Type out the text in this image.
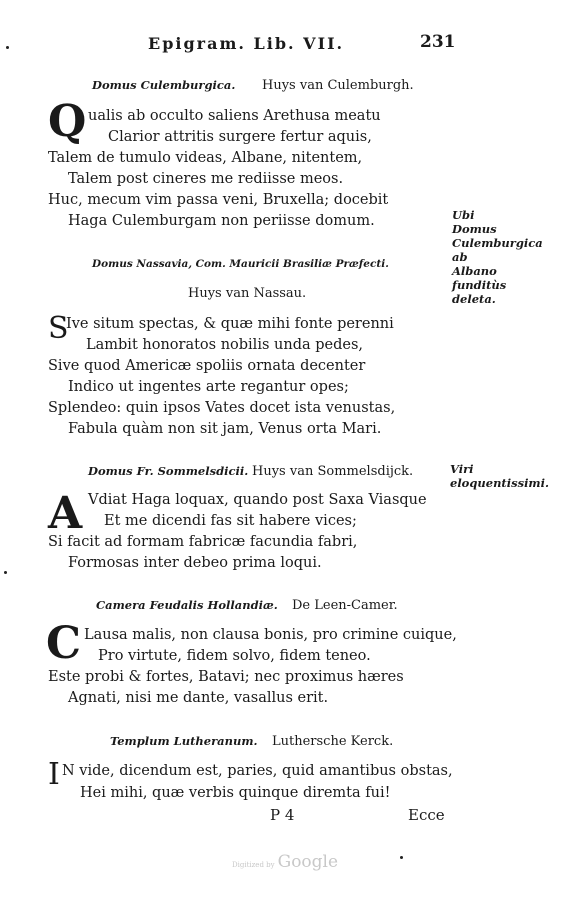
Epigram. Lib. VII.	231
Domus Culemburgica. Huys van Culemburgh.
Q ualis ab occulto saliens Arethusa meatu
Clarior attritis surgere fertur aquis,
Talem de tumulo videas, Albane, nitentem,
Talem post cineres me rediisse meos.
Huc, mecum vim passa veni, Bruxella; docebit
Haga Culemburgam non periisse domum.	Ubi Domus Culemburgica ab Albano funditùs deleta.
Domus Nassavia, Com. Mauricii Brasiliæ Præfecti.
Huys van Nassau.
S
Ive situm spectas, & quæ mihi fonte perenni
Lambit honoratos nobilis unda pedes,
Sive quod Americæ spoliis ornata decenter
Indico ut ingentes arte regantur opes;
Splendeo: quin ipsos Vates docet ista venustas,
Fabula quàm non sit jam, Venus orta Mari.
Domus Fr. Sommelsdicii. Huys van Sommelsdijck.
A Vdiat Haga loquax, quando post Saxa Viasque
Et me dicendi fas sit habere vices;
Si facit ad formam fabricæ facundia fabri,
Formosas inter debeo prima loqui.
Viri eloquentissimi.
Camera Feudalis Hollandiæ. De Leen-Camer.
C Lausa malis, non clausa bonis, pro crimine cuique,
Pro virtute, fidem solvo, fidem teneo.
Este probi & fortes, Batavi; nec proximus hæres
Agnati, nisi me dante, vasallus erit.
Templum Lutheranum. Luthersche Kerck.
I N vide, dicendum est, paries, quid amantibus obstas,
Hei mihi, quæ verbis quinque diremta fui!
P 4	Ecce
Digitized by Google
